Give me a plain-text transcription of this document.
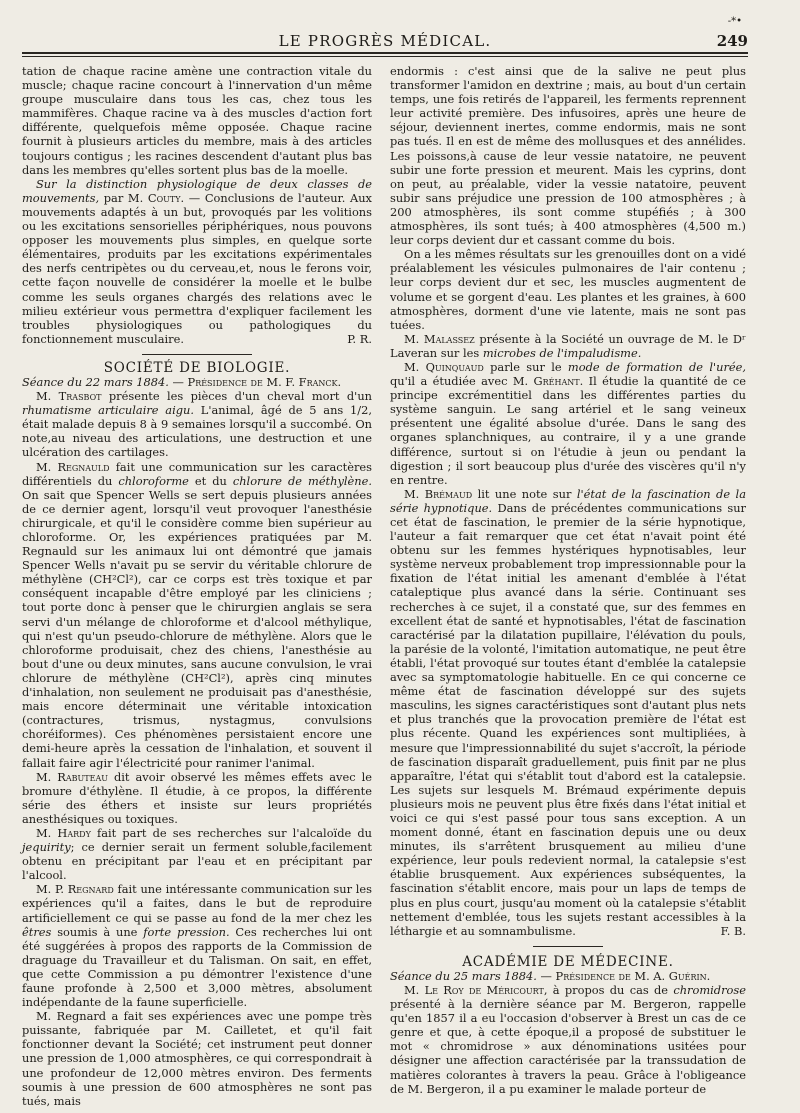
LE PROGRÈS MÉDICAL.
-*•
249

tation de chaque racine amène une contraction vitale du muscle; chaque racine concourt à l'innervation d'un même groupe musculaire dans tous les cas, chez tous les mammifères. Chaque racine va à des muscles d'action fort différente, quelquefois même opposée. Chaque racine fournit à plusieurs articles du membre, mais à des articles toujours contigus ; les racines descendent d'autant plus bas dans les membres qu'elles sortent plus bas de la moelle.

Sur la distinction physiologique de deux classes de mouvements, par M. Couty. — Conclusions de l'auteur. Aux mouvements adaptés à un but, provoqués par les volitions ou les excitations sensorielles périphériques, nous pouvons opposer les mouvements plus simples, en quelque sorte élémentaires, produits par les excitations expérimentales des nerfs centripètes ou du cerveau,et, nous le ferons voir, cette façon nouvelle de considérer la moelle et le bulbe comme les seuls organes chargés des relations avec le milieu extérieur vous permettra d'expliquer facilement les troubles physiologiques ou pathologiques du fonctionnement musculaire.	P. R.

SOCIÉTÉ DE BIOLOGIE.

Séance du 22 mars 1884. — Présidence de M. F. Franck.

M. Trasbot présente les pièces d'un cheval mort d'un rhumatisme articulaire aigu. L'animal, âgé de 5 ans 1/2, était malade depuis 8 à 9 semaines lorsqu'il a succombé. On note,au niveau des articulations, une destruction et une ulcération des cartilages.

M. Regnauld fait une communication sur les caractères différentiels du chloroforme et du chlorure de méthylène. On sait que Spencer Wells se sert depuis plusieurs années de ce dernier agent, lorsqu'il veut provoquer l'anesthésie chirurgicale, et qu'il le considère comme bien supérieur au chloroforme. Or, les expériences pratiquées par M. Regnauld sur les animaux lui ont démontré que jamais Spencer Wells n'avait pu se servir du véritable chlorure de méthylène (CH²Cl²), car ce corps est très toxique et par conséquent incapable d'être employé par les cliniciens ; tout porte donc à penser que le chirurgien anglais se sera servi d'un mélange de chloroforme et d'alcool méthylique, qui n'est qu'un pseudo-chlorure de méthylène. Alors que le chloroforme produisait, chez des chiens, l'anesthésie au bout d'une ou deux minutes, sans aucune convulsion, le vrai chlorure de méthylène (CH²Cl²), après cinq minutes d'inhalation, non seulement ne produisait pas d'anesthésie, mais encore déterminait une véritable intoxication (contractures, trismus, nystagmus, convulsions choréiformes). Ces phénomènes persistaient encore une demi-heure après la cessation de l'inhalation, et souvent il fallait faire agir l'électricité pour ranimer l'animal.

M. Rabuteau dit avoir observé les mêmes effets avec le bromure d'éthylène. Il étudie, à ce propos, la différente série des éthers et insiste sur leurs propriétés anesthésiques ou toxiques.

M. Hardy fait part de ses recherches sur l'alcaloïde du jequirity; ce dernier serait un ferment soluble,facilement obtenu en précipitant par l'eau et en précipitant par l'alcool.

M. P. Regnard fait une intéressante communication sur les expériences qu'il a faites, dans le but de reproduire artificiellement ce qui se passe au fond de la mer chez les êtres soumis à une forte pression. Ces recherches lui ont été suggérées à propos des rapports de la Commission de draguage du Travailleur et du Talisman. On sait, en effet, que cette Commission a pu démontrer l'existence d'une faune profonde à 2,500 et 3,000 mètres, absolument indépendante de la faune superficielle.

M. Regnard a fait ses expériences avec une pompe très puissante, fabriquée par M. Cailletet, et qu'il fait fonctionner devant la Société; cet instrument peut donner une pression de 1,000 atmosphères, ce qui correspondrait à une profondeur de 12,000 mètres environ. Des ferments soumis à une pression de 600 atmosphères ne sont pas tués, mais

endormis : c'est ainsi que de la salive ne peut plus transformer l'amidon en dextrine ; mais, au bout d'un certain temps, une fois retirés de l'appareil, les ferments reprennent leur activité première. Des infusoires, après une heure de séjour, deviennent inertes, comme endormis, mais ne sont pas tués. Il en est de même des mollusques et des annélides. Les poissons,à cause de leur vessie natatoire, ne peuvent subir une forte pression et meurent. Mais les cyprins, dont on peut, au préalable, vider la vessie natatoire, peuvent subir sans préjudice une pression de 100 atmosphères ; à 200 atmosphères, ils sont comme stupéfiés ; à 300 atmosphères, ils sont tués; à 400 atmosphères (4,500 m.) leur corps devient dur et cassant comme du bois.

On a les mêmes résultats sur les grenouilles dont on a vidé préalablement les vésicules pulmonaires de l'air contenu ; leur corps devient dur et sec, les muscles augmentent de volume et se gorgent d'eau. Les plantes et les graines, à 600 atmosphères, dorment d'une vie latente, mais ne sont pas tuées.

M. Malassez présente à la Société un ouvrage de M. le Dʳ Laveran sur les microbes de l'impaludisme.

M. Quinquaud parle sur le mode de formation de l'urée, qu'il a étudiée avec M. Gréhant. Il étudie la quantité de ce principe excrémentitiel dans les différentes parties du système sanguin. Le sang artériel et le sang veineux présentent une égalité absolue d'urée. Dans le sang des organes splanchniques, au contraire, il y a une grande différence, surtout si on l'étudie à jeun ou pendant la digestion ; il sort beaucoup plus d'urée des viscères qu'il n'y en rentre.

M. Brémaud lit une note sur l'état de la fascination de la série hypnotique. Dans de précédentes communications sur cet état de fascination, le premier de la série hypnotique, l'auteur a fait remarquer que cet état n'avait point été obtenu sur les femmes hystériques hypnotisables, leur système nerveux probablement trop impressionnable pour la fixation de l'état initial les amenant d'emblée à l'état cataleptique plus avancé dans la série. Continuant ses recherches à ce sujet, il a constaté que, sur des femmes en excellent état de santé et hypnotisables, l'état de fascination caractérisé par la dilatation pupillaire, l'élévation du pouls, la parésie de la volonté, l'imitation automatique, ne peut être établi, l'état provoqué sur toutes étant d'emblée la catalepsie avec sa symptomatologie habituelle. En ce qui concerne ce même état de fascination développé sur des sujets masculins, les signes caractéristiques sont d'autant plus nets et plus tranchés que la provocation première de l'état est plus récente. Quand les expériences sont multipliées, à mesure que l'impressionnabilité du sujet s'accroît, la période de fascination disparaît graduellement, puis finit par ne plus apparaître, l'état qui s'établit tout d'abord est la catalepsie. Les sujets sur lesquels M. Brémaud expérimente depuis plusieurs mois ne peuvent plus être fixés dans l'état initial et voici ce qui s'est passé pour tous sans exception. A un moment donné, étant en fascination depuis une ou deux minutes, ils s'arrêtent brusquement au milieu d'une expérience, leur pouls redevient normal, la catalepsie s'est établie brusquement. Aux expériences subséquentes, la fascination s'établit encore, mais pour un laps de temps de plus en plus court, jusqu'au moment où la catalepsie s'établit nettement d'emblée, tous les sujets restant accessibles à la léthargie et au somnambulisme.	F. B.

ACADÉMIE DE MÉDECINE.

Séance du 25 mars 1884. — Présidence de M. A. Guérin.

M. Le Roy de Méricourt, à propos du cas de chromidrose présenté à la dernière séance par M. Bergeron, rappelle qu'en 1857 il a eu l'occasion d'observer à Brest un cas de ce genre et que, à cette époque,il a proposé de substituer le mot « chromidrose » aux dénominations usitées pour désigner une affection caractérisée par la transsudation de matières colorantes à travers la peau. Grâce à l'obligeance de M. Bergeron, il a pu examiner le malade porteur de
